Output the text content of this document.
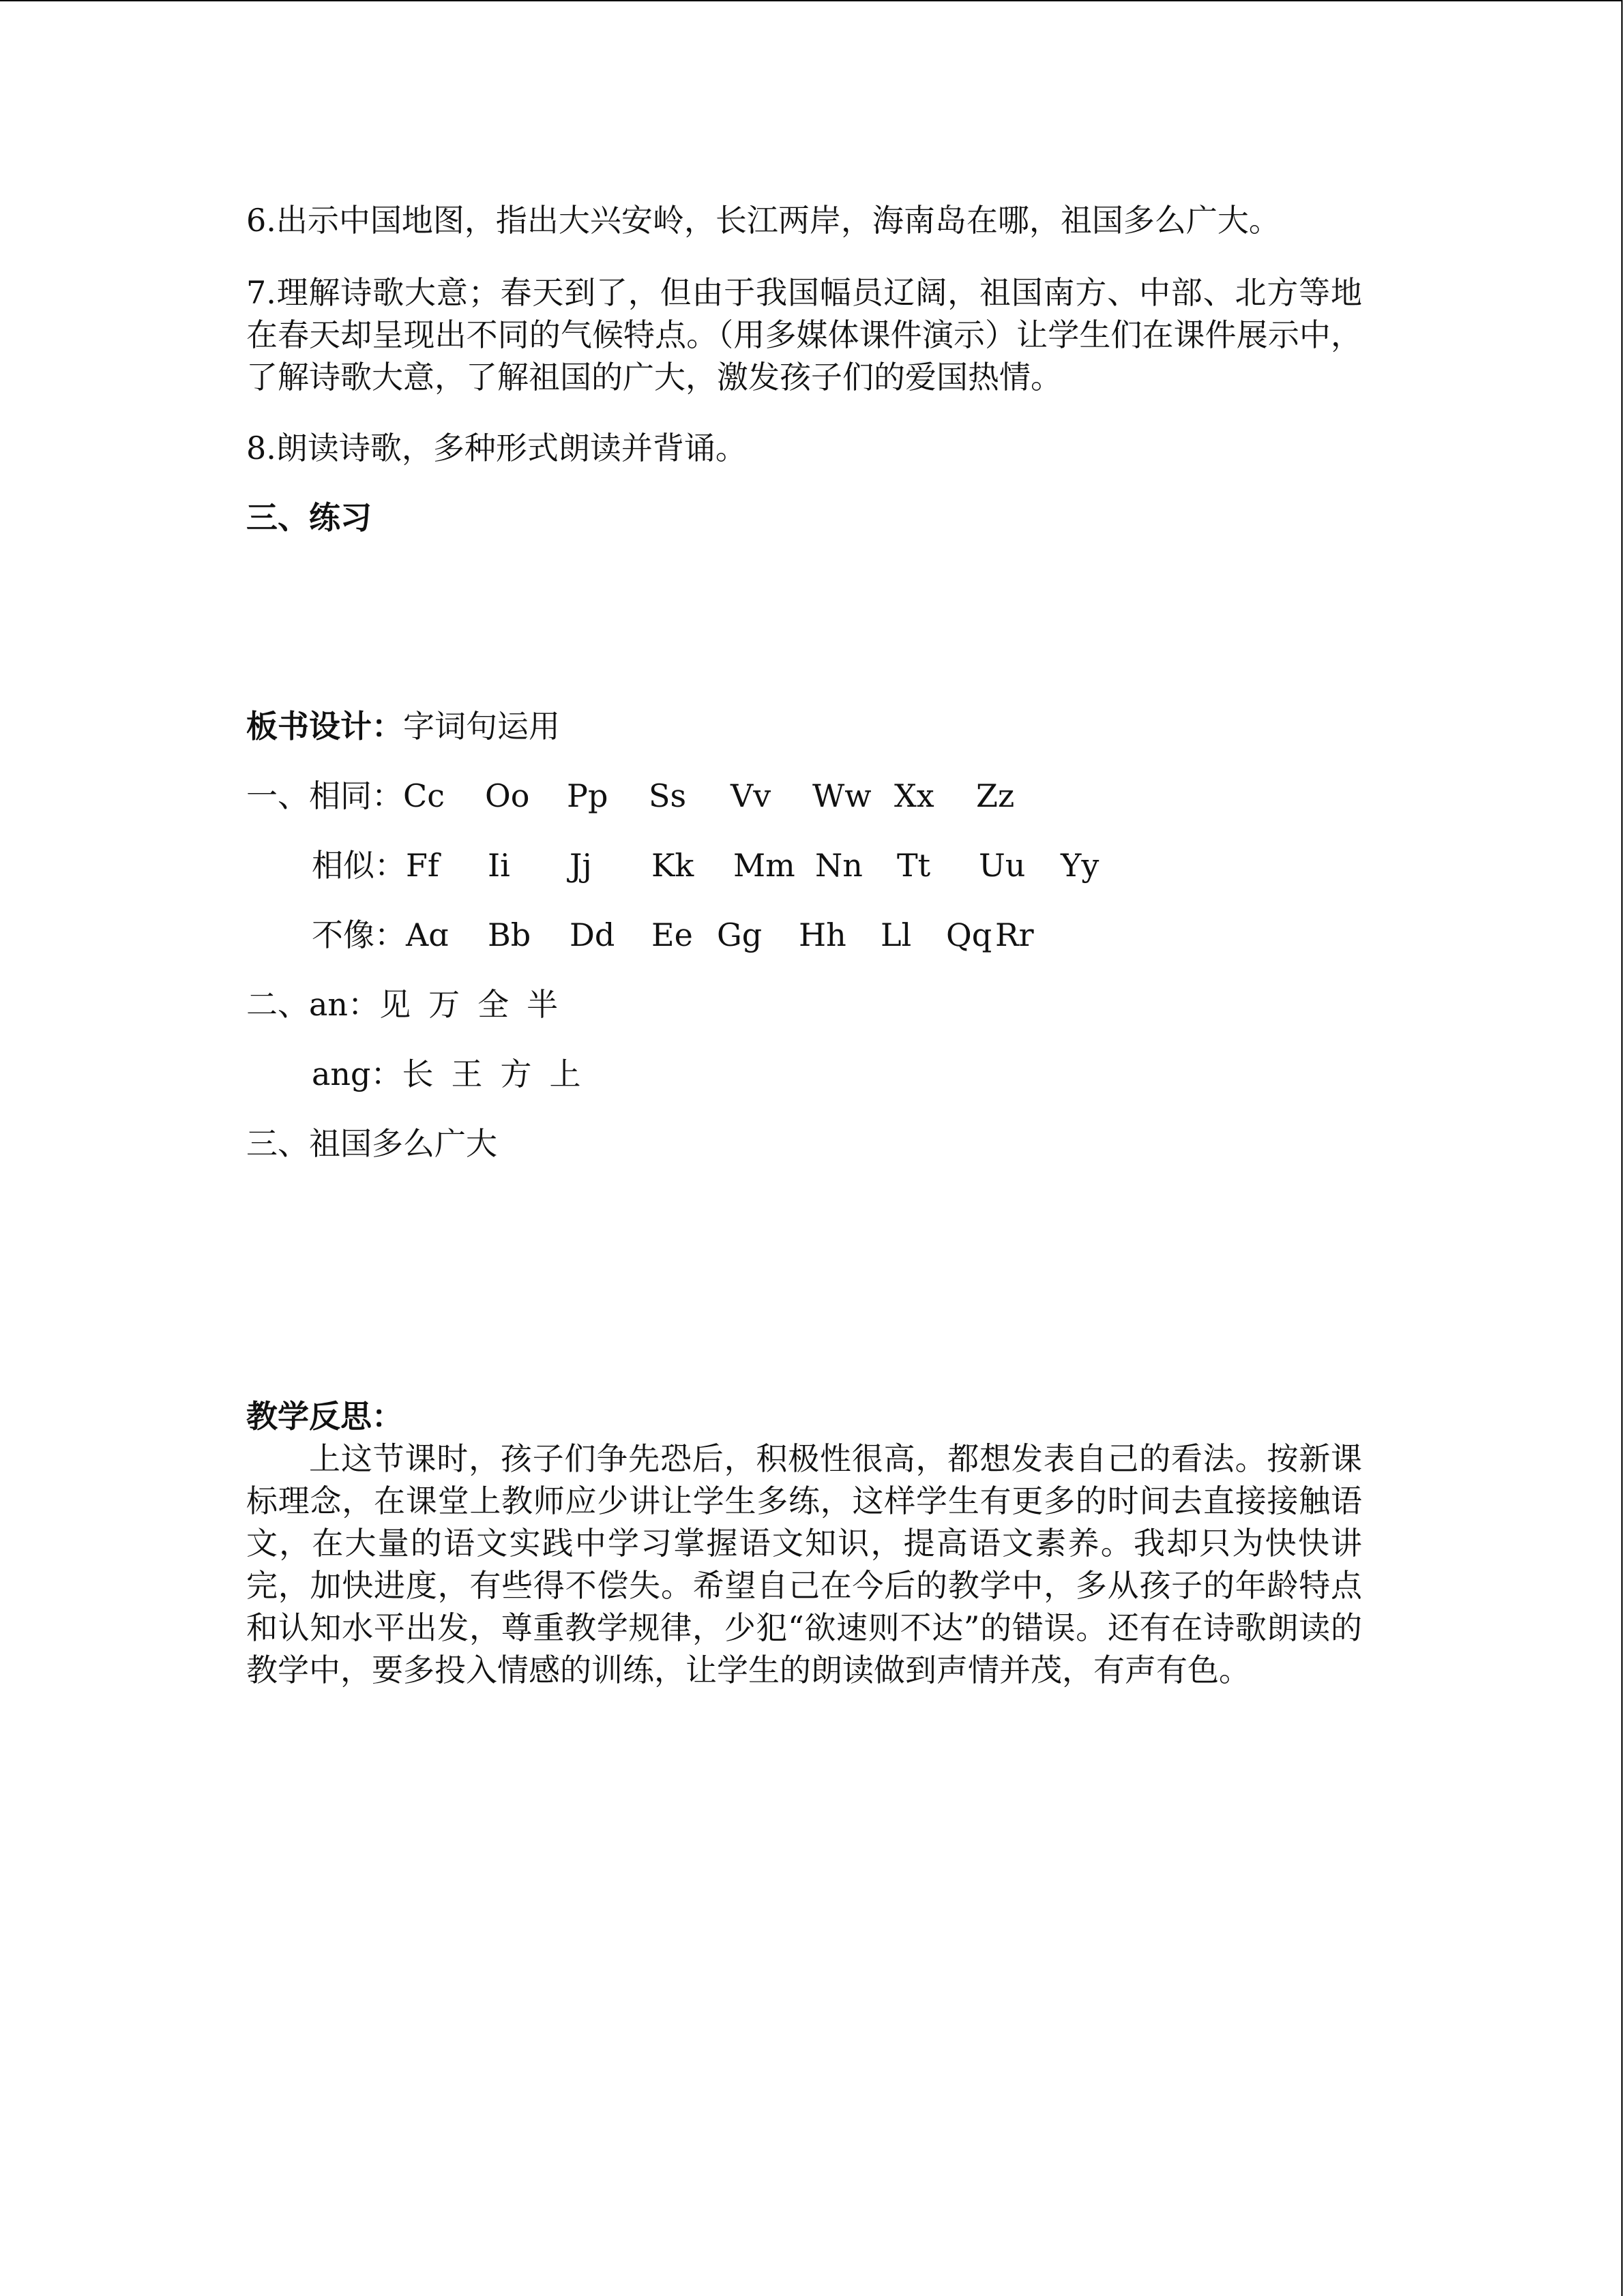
6.出示中国地图，指出大兴安岭，长江两岸，海南岛在哪，祖国多么广大。

7.理解诗歌大意；春天到了，但由于我国幅员辽阔，祖国南方、中部、北方等地在春天却呈现出不同的气候特点。（用多媒体课件演示）让学生们在课件展示中，了解诗歌大意，了解祖国的广大，激发孩子们的爱国热情。

8.朗读诗歌，多种形式朗读并背诵。

三、练习

板书设计：字词句运用

一、相同：Cc Oo Pp Ss Vv Ww Xx Zz

相似：Ff Ii Jj Kk Mm Nn Tt Uu Yy

不像：Aɑ Bb Dd Ee Gg Hh Ll Qq Rr

二、an：见 万 全 半

ang：长 王 方 上

三、祖国多么广大

教学反思：

上这节课时，孩子们争先恐后，积极性很高，都想发表自己的看法。按新课标理念，在课堂上教师应少讲让学生多练，这样学生有更多的时间去直接接触语文，在大量的语文实践中学习掌握语文知识，提高语文素养。我却只为快快讲完，加快进度，有些得不偿失。希望自己在今后的教学中，多从孩子的年龄特点和认知水平出发，尊重教学规律，少犯“欲速则不达”的错误。还有在诗歌朗读的教学中，要多投入情感的训练，让学生的朗读做到声情并茂，有声有色。
